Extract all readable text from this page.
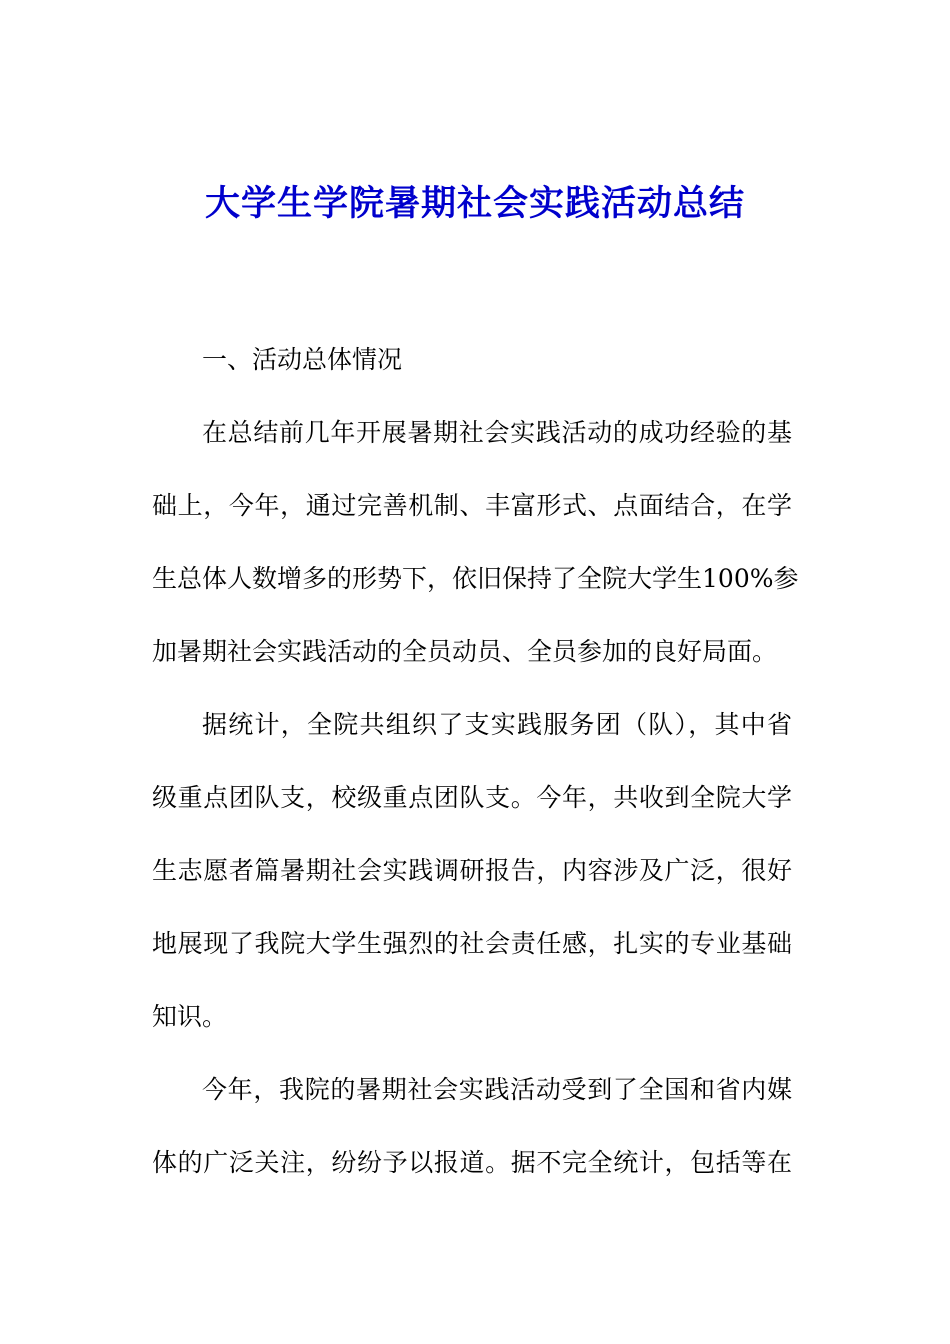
大学生学院暑期社会实践活动总结
一、活动总体情况
在总结前几年开展暑期社会实践活动的成功经验的基
础上，今年，通过完善机制、丰富形式、点面结合，在学
生总体人数增多的形势下，依旧保持了全院大学生100%参
加暑期社会实践活动的全员动员、全员参加的良好局面。
据统计，全院共组织了支实践服务团（队），其中省
级重点团队支，校级重点团队支。今年，共收到全院大学
生志愿者篇暑期社会实践调研报告，内容涉及广泛，很好
地展现了我院大学生强烈的社会责任感，扎实的专业基础
知识。
今年，我院的暑期社会实践活动受到了全国和省内媒
体的广泛关注，纷纷予以报道。据不完全统计，包括等在
